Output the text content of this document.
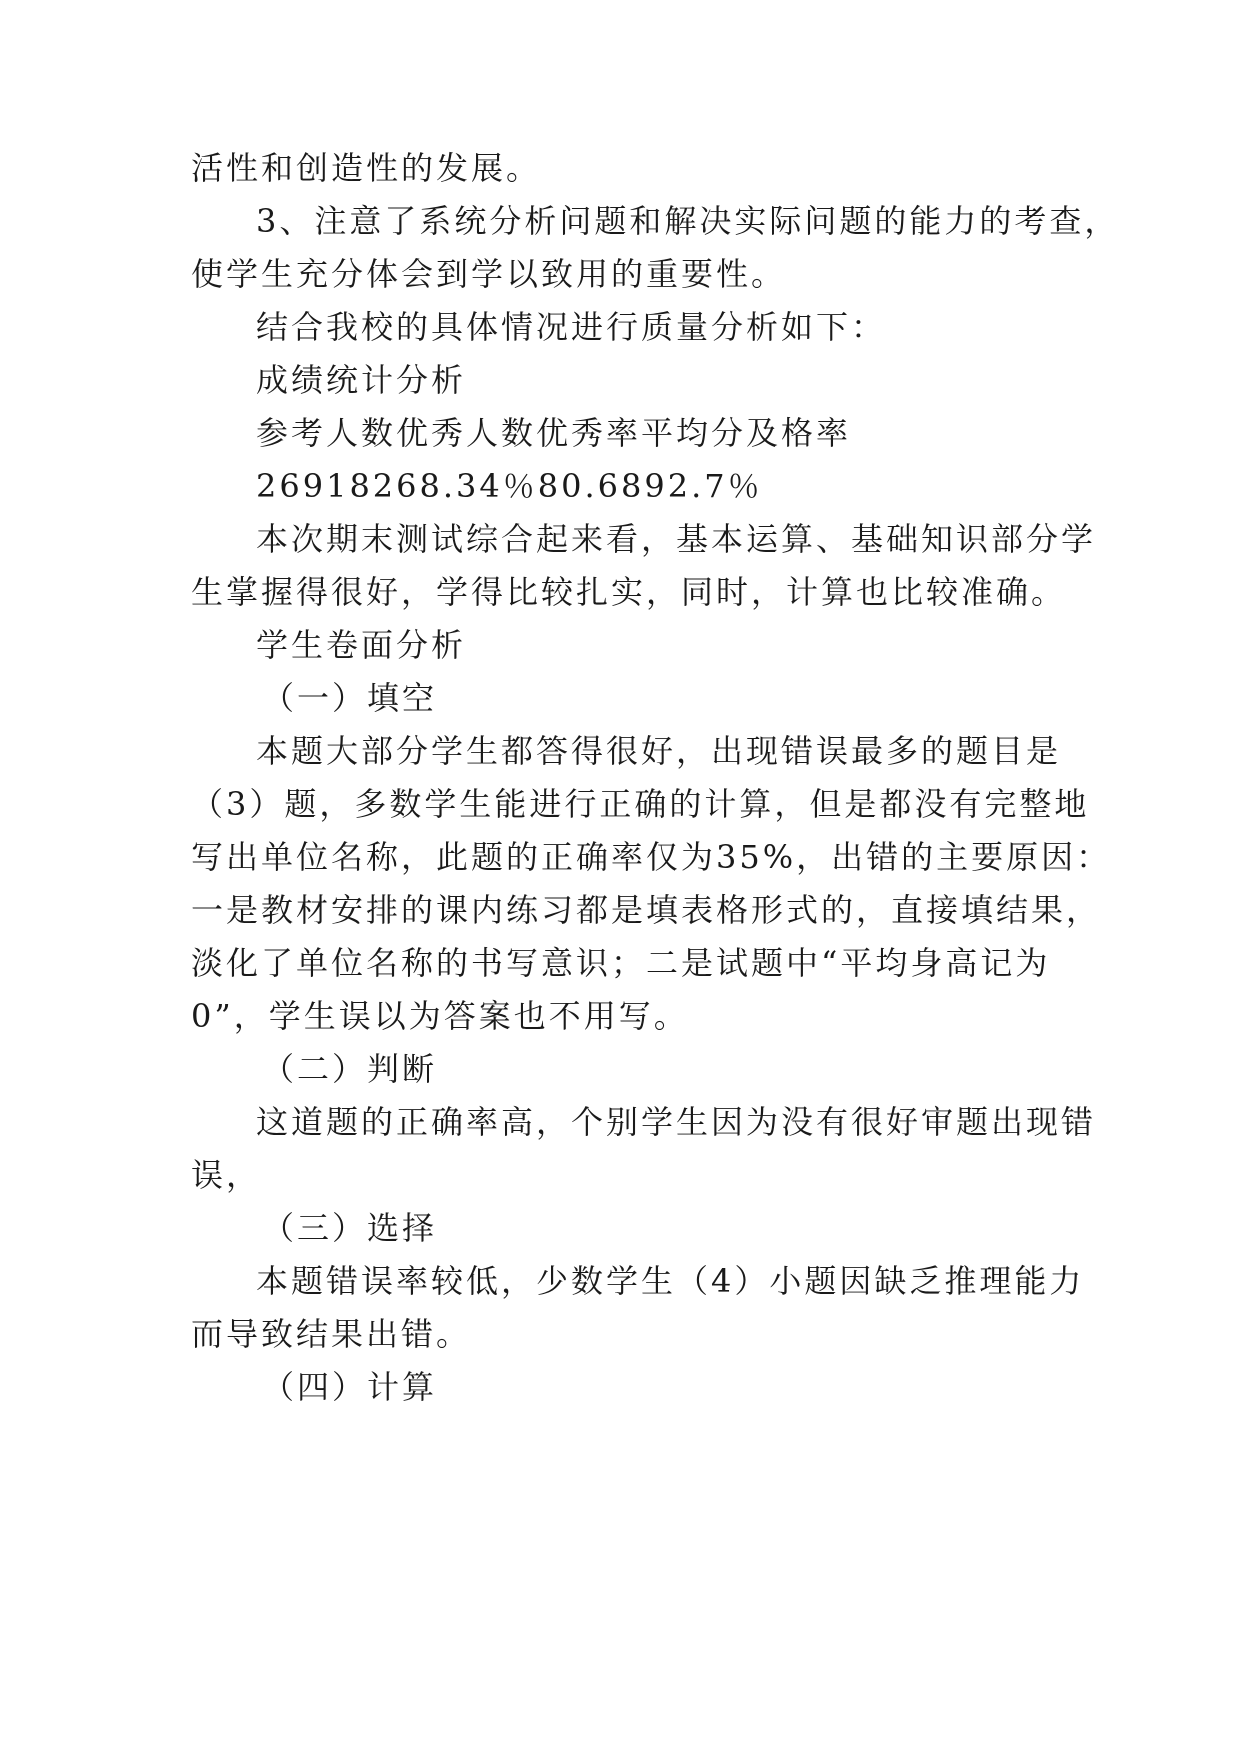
活性和创造性的发展。
3、注意了系统分析问题和解决实际问题的能力的考查，
使学生充分体会到学以致用的重要性。
结合我校的具体情况进行质量分析如下：
成绩统计分析
参考人数优秀人数优秀率平均分及格率
26918268.34％80.6892.7％
本次期末测试综合起来看，基本运算、基础知识部分学
生掌握得很好，学得比较扎实，同时，计算也比较准确。
学生卷面分析
（一）填空
本题大部分学生都答得很好，出现错误最多的题目是
（3）题，多数学生能进行正确的计算，但是都没有完整地
写出单位名称，此题的正确率仅为35%，出错的主要原因：
一是教材安排的课内练习都是填表格形式的，直接填结果，
淡化了单位名称的书写意识；二是试题中“平均身高记为
0”，学生误以为答案也不用写。
（二）判断
这道题的正确率高，个别学生因为没有很好审题出现错
误，
（三）选择
本题错误率较低，少数学生（4）小题因缺乏推理能力
而导致结果出错。
（四）计算
